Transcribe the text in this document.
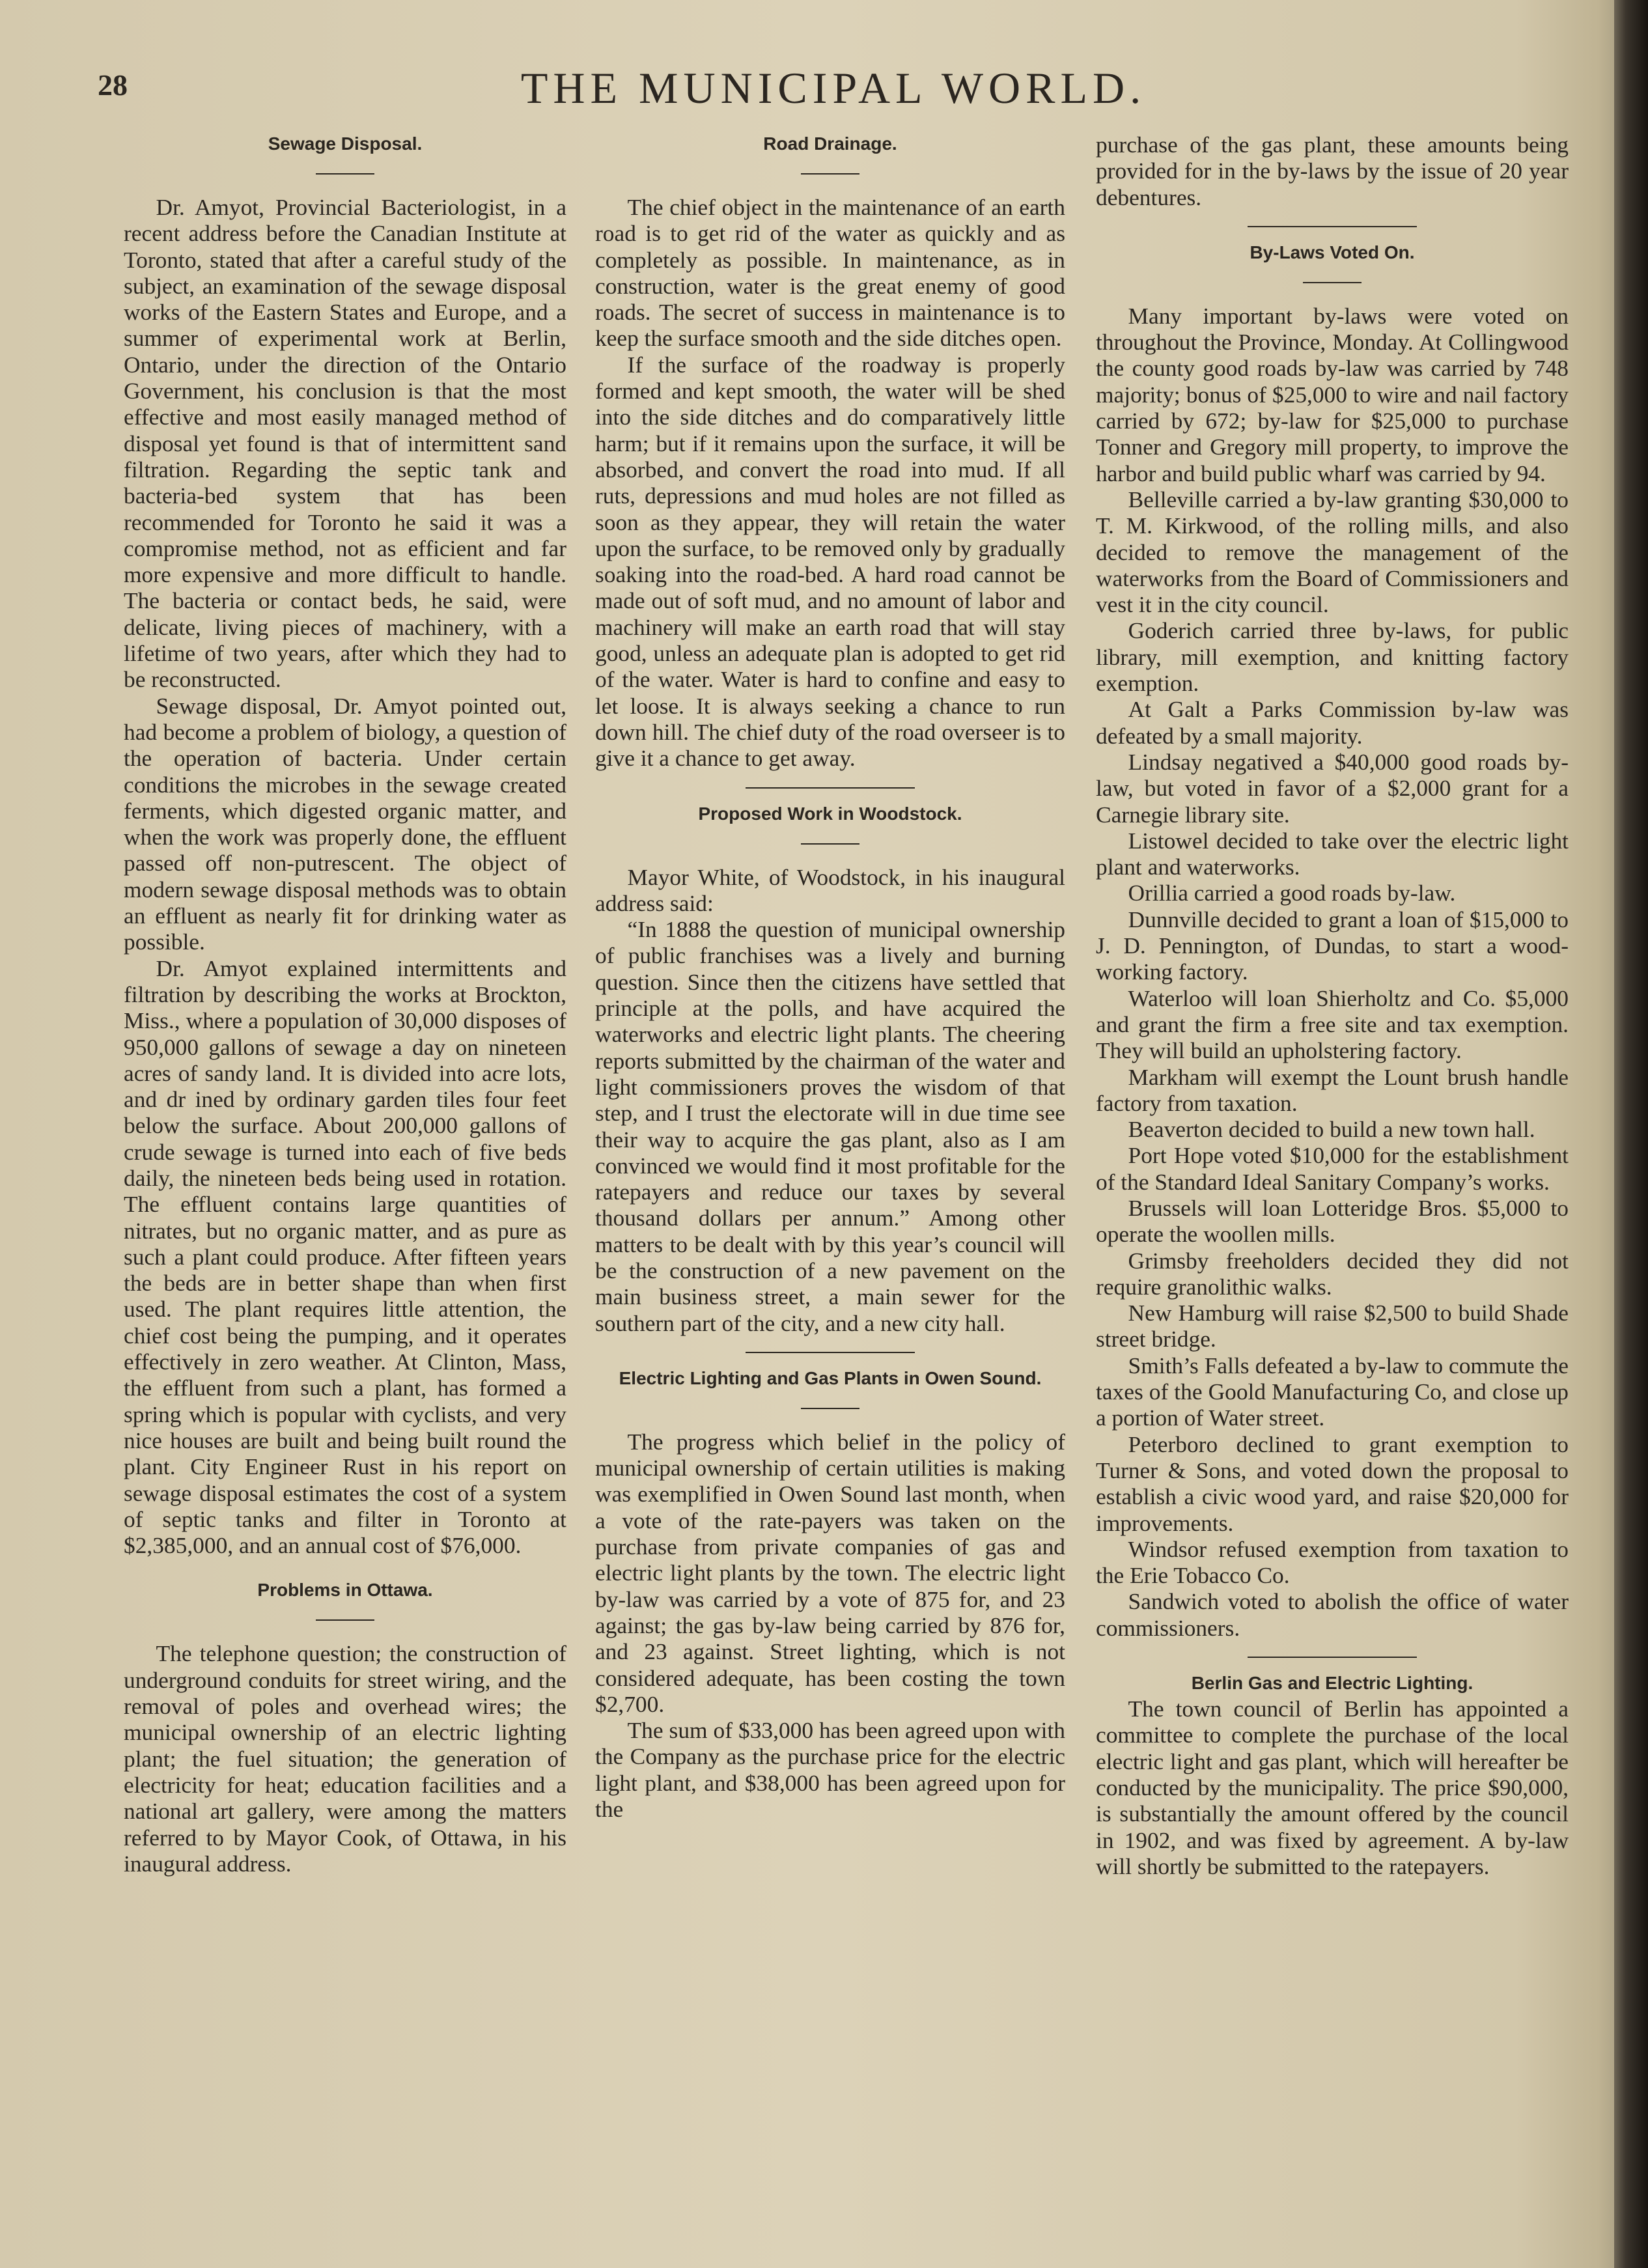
28	THE MUNICIPAL WORLD.
Sewage Disposal.

Dr. Amyot, Provincial Bacteriologist, in a recent address before the Canadian Institute at Toronto, stated that after a careful study of the subject, an examination of the sewage disposal works of the Eastern States and Europe, and a summer of experimental work at Berlin, Ontario, under the direction of the Ontario Government, his conclusion is that the most effective and most easily managed method of disposal yet found is that of intermittent sand filtration. Regarding the septic tank and bacteria-bed system that has been recommended for Toronto he said it was a compromise method, not as efficient and far more expensive and more difficult to handle. The bacteria or contact beds, he said, were delicate, living pieces of machinery, with a lifetime of two years, after which they had to be reconstructed.

Sewage disposal, Dr. Amyot pointed out, had become a problem of biology, a question of the operation of bacteria. Under certain conditions the microbes in the sewage created ferments, which digested organic matter, and when the work was properly done, the effluent passed off non-putrescent. The object of modern sewage disposal methods was to obtain an effluent as nearly fit for drinking water as possible.

Dr. Amyot explained intermittents and filtration by describing the works at Brockton, Miss., where a population of 30,000 disposes of 950,000 gallons of sewage a day on nineteen acres of sandy land. It is divided into acre lots, and dr ined by ordinary garden tiles four feet below the surface. About 200,000 gallons of crude sewage is turned into each of five beds daily, the nineteen beds being used in rotation. The effluent contains large quantities of nitrates, but no organic matter, and as pure as such a plant could produce. After fifteen years the beds are in better shape than when first used. The plant requires little attention, the chief cost being the pumping, and it operates effectively in zero weather. At Clinton, Mass, the effluent from such a plant, has formed a spring which is popular with cyclists, and very nice houses are built and being built round the plant. City Engineer Rust in his report on sewage disposal estimates the cost of a system of septic tanks and filter in Toronto at $2,385,000, and an annual cost of $76,000.

Problems in Ottawa.

The telephone question; the construction of underground conduits for street wiring, and the removal of poles and overhead wires; the municipal ownership of an electric lighting plant; the fuel situation; the generation of electricity for heat; education facilities and a national art gallery, were among the matters referred to by Mayor Cook, of Ottawa, in his inaugural address.

Road Drainage.

The chief object in the maintenance of an earth road is to get rid of the water as quickly and as completely as possible. In maintenance, as in construction, water is the great enemy of good roads. The secret of success in maintenance is to keep the surface smooth and the side ditches open.

If the surface of the roadway is properly formed and kept smooth, the water will be shed into the side ditches and do comparatively little harm; but if it remains upon the surface, it will be absorbed, and convert the road into mud. If all ruts, depressions and mud holes are not filled as soon as they appear, they will retain the water upon the surface, to be removed only by gradually soaking into the road-bed. A hard road cannot be made out of soft mud, and no amount of labor and machinery will make an earth road that will stay good, unless an adequate plan is adopted to get rid of the water. Water is hard to confine and easy to let loose. It is always seeking a chance to run down hill. The chief duty of the road overseer is to give it a chance to get away.

Proposed Work in Woodstock.

Mayor White, of Woodstock, in his inaugural address said:

“In 1888 the question of municipal ownership of public franchises was a lively and burning question. Since then the citizens have settled that principle at the polls, and have acquired the waterworks and electric light plants. The cheering reports submitted by the chairman of the water and light commissioners proves the wisdom of that step, and I trust the electorate will in due time see their way to acquire the gas plant, also as I am convinced we would find it most profitable for the ratepayers and reduce our taxes by several thousand dollars per annum.” Among other matters to be dealt with by this year’s council will be the construction of a new pavement on the main business street, a main sewer for the southern part of the city, and a new city hall.

Electric Lighting and Gas Plants in Owen Sound.

The progress which belief in the policy of municipal ownership of certain utilities is making was exemplified in Owen Sound last month, when a vote of the rate-payers was taken on the purchase from private companies of gas and electric light plants by the town. The electric light by-law was carried by a vote of 875 for, and 23 against; the gas by-law being carried by 876 for, and 23 against. Street lighting, which is not considered adequate, has been costing the town $2,700.

The sum of $33,000 has been agreed upon with the Company as the purchase price for the electric light plant, and $38,000 has been agreed upon for the

purchase of the gas plant, these amounts being provided for in the by-laws by the issue of 20 year debentures.

By-Laws Voted On.

Many important by-laws were voted on throughout the Province, Monday. At Collingwood the county good roads by-law was carried by 748 majority; bonus of $25,000 to wire and nail factory carried by 672; by-law for $25,000 to purchase Tonner and Gregory mill property, to improve the harbor and build public wharf was carried by 94.

Belleville carried a by-law granting $30,000 to T. M. Kirkwood, of the rolling mills, and also decided to remove the management of the waterworks from the Board of Commissioners and vest it in the city council.

Goderich carried three by-laws, for public library, mill exemption, and knitting factory exemption.

At Galt a Parks Commission by-law was defeated by a small majority.

Lindsay negatived a $40,000 good roads by-law, but voted in favor of a $2,000 grant for a Carnegie library site.

Listowel decided to take over the electric light plant and waterworks.

Orillia carried a good roads by-law.

Dunnville decided to grant a loan of $15,000 to J. D. Pennington, of Dundas, to start a wood-working factory.

Waterloo will loan Shierholtz and Co. $5,000 and grant the firm a free site and tax exemption. They will build an upholstering factory.

Markham will exempt the Lount brush handle factory from taxation.

Beaverton decided to build a new town hall.

Port Hope voted $10,000 for the establishment of the Standard Ideal Sanitary Company’s works.

Brussels will loan Lotteridge Bros. $5,000 to operate the woollen mills.

Grimsby freeholders decided they did not require granolithic walks.

New Hamburg will raise $2,500 to build Shade street bridge.

Smith’s Falls defeated a by-law to commute the taxes of the Goold Manufacturing Co, and close up a portion of Water street.

Peterboro declined to grant exemption to Turner & Sons, and voted down the proposal to establish a civic wood yard, and raise $20,000 for improvements.

Windsor refused exemption from taxation to the Erie Tobacco Co.

Sandwich voted to abolish the office of water commissioners.

Berlin Gas and Electric Lighting.

The town council of Berlin has appointed a committee to complete the purchase of the local electric light and gas plant, which will hereafter be conducted by the municipality. The price $90,000, is substantially the amount offered by the council in 1902, and was fixed by agreement. A by-law will shortly be submitted to the ratepayers.
